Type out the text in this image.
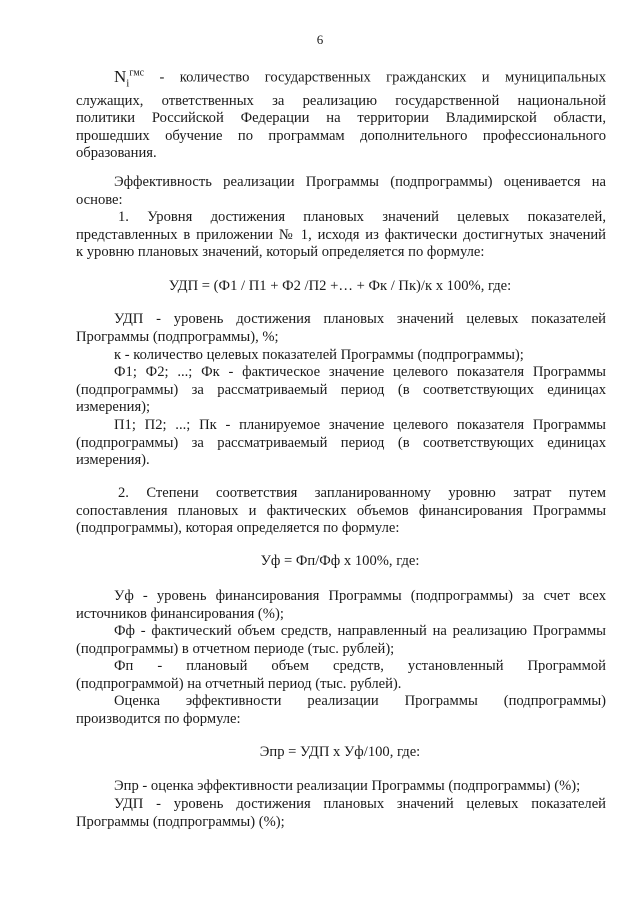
6
$N_i^{гмс}$ - количество государственных гражданских и муниципальных
служащих, ответственных за реализацию государственной национальной
политики Российской Федерации на территории Владимирской области,
прошедших обучение по программам дополнительного профессионального
образования.
Эффективность реализации Программы (подпрограммы) оценивается на
основе:
1. Уровня достижения плановых значений целевых показателей,
представленных в приложении № 1, исходя из фактически достигнутых значений
к уровню плановых значений, который определяется по формуле:
УДП = (Ф1 / П1 + Ф2 /П2 +… + Фк / Пк)/к х 100%, где:
УДП - уровень достижения плановых значений целевых показателей
Программы (подпрограммы), %;
к - количество целевых показателей Программы (подпрограммы);
Ф1; Ф2; ...; Фк - фактическое значение целевого показателя Программы
(подпрограммы) за рассматриваемый период (в соответствующих единицах
измерения);
П1; П2; ...; Пк - планируемое значение целевого показателя Программы
(подпрограммы) за рассматриваемый период (в соответствующих единицах
измерения).
2. Степени соответствия запланированному уровню затрат путем
сопоставления плановых и фактических объемов финансирования Программы
(подпрограммы), которая определяется по формуле:
Уф = Фп/Фф х 100%, где:
Уф - уровень финансирования Программы (подпрограммы) за счет всех
источников финансирования (%);
Фф - фактический объем средств, направленный на реализацию Программы
(подпрограммы) в отчетном периоде (тыс. рублей);
Фп - плановый объем средств, установленный Программой
(подпрограммой) на отчетный период (тыс. рублей).
Оценка эффективности реализации Программы (подпрограммы)
производится по формуле:
Эпр = УДП х Уф/100, где:
Эпр - оценка эффективности реализации Программы (подпрограммы) (%);
УДП - уровень достижения плановых значений целевых показателей
Программы (подпрограммы) (%);
